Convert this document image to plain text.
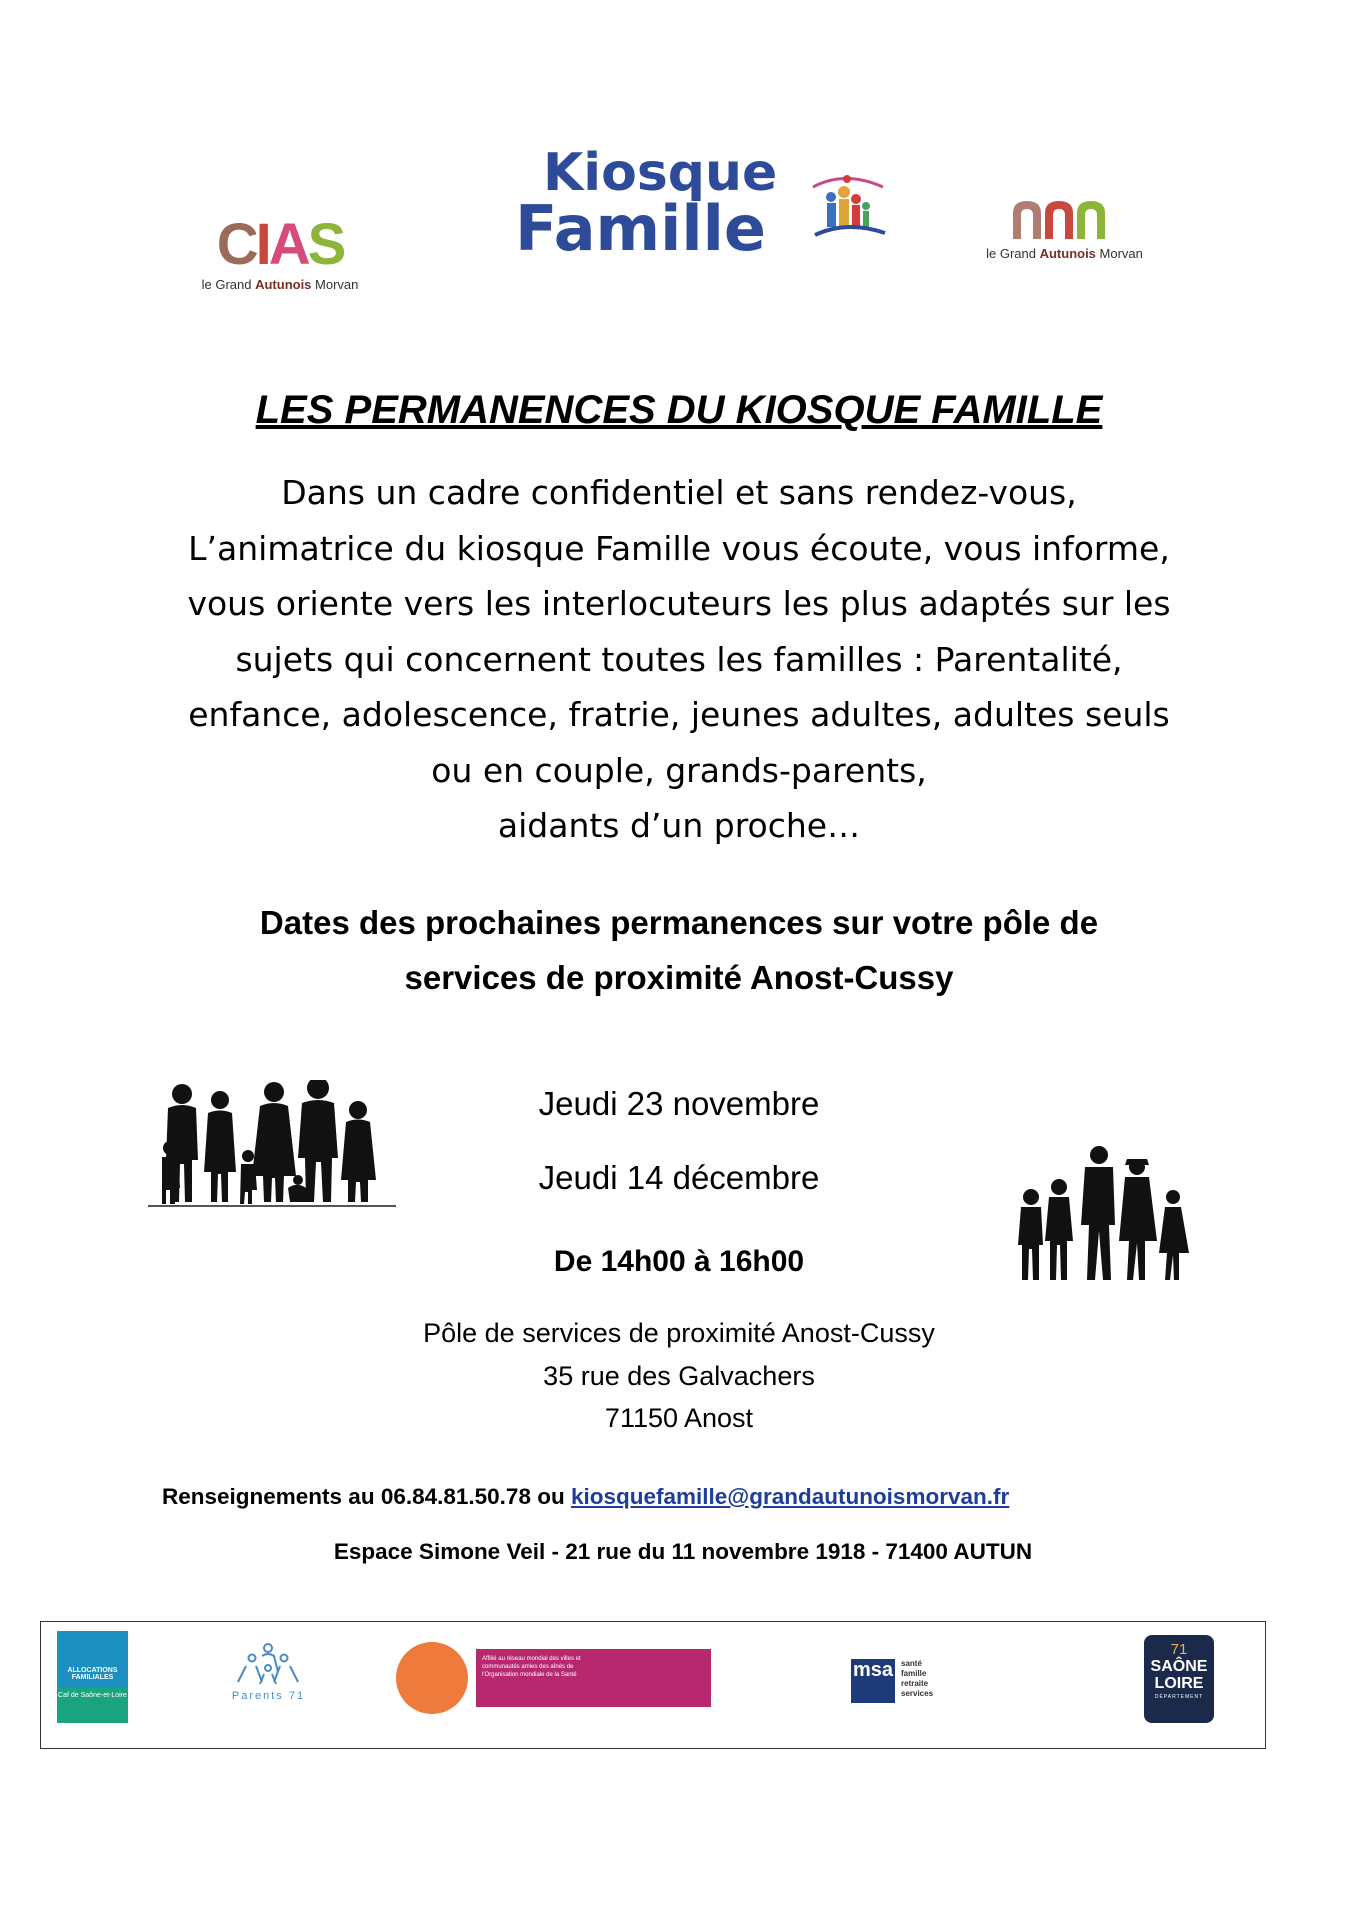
CIAS
le Grand Autunois Morvan
Kiosque
Famille	le Grand Autunois Morvan
LES PERMANENCES DU KIOSQUE FAMILLE
Dans un cadre confidentiel et sans rendez-vous,
L’animatrice du kiosque Famille vous écoute, vous informe,
vous oriente vers les interlocuteurs les plus adaptés sur les
sujets qui concernent toutes les familles : Parentalité,
enfance, adolescence, fratrie, jeunes adultes, adultes seuls
ou en couple, grands-parents,
aidants d’un proche…
Dates des prochaines permanences sur votre pôle de
services de proximité Anost-Cussy
Jeudi 23 novembre
Jeudi 14 décembre
De 14h00 à 16h00
Pôle de services de proximité Anost-Cussy
35 rue des Galvachers
71150 Anost
Renseignements au 06.84.81.50.78 ou kiosquefamille@grandautunoismorvan.fr
Espace Simone Veil - 21 rue du 11 novembre 1918 - 71400 AUTUN
ALLOCATIONS FAMILIALES
Caf de Saône-et-Loire	Parents 71
Affilié au réseau mondial des villes et communautés amies des aînés de l'Organisation mondiale de la Santé	msa santé
famille
retraite
services
71
SAÔNE
LOIRE
DÉPARTEMENT
